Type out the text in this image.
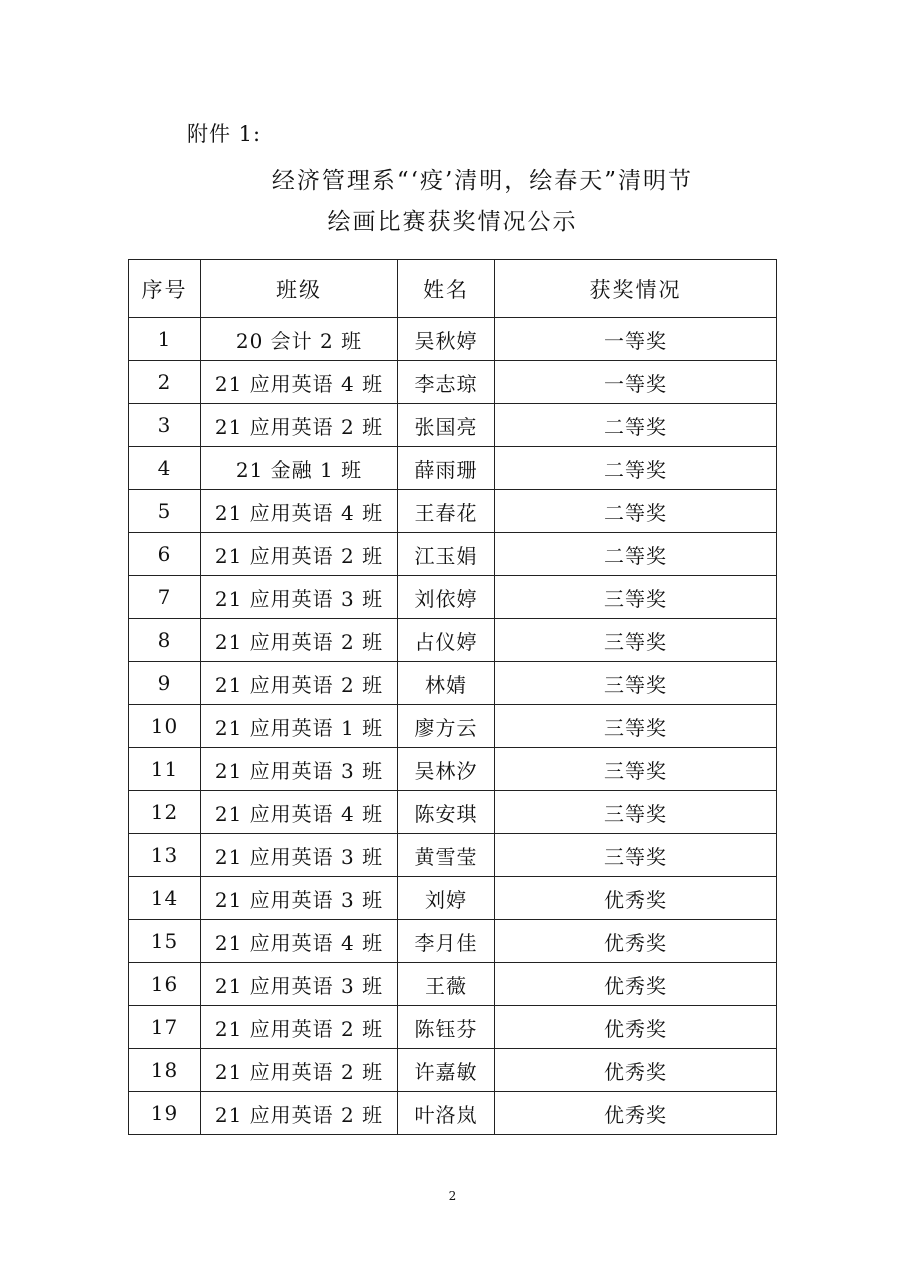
附件 1:
经济管理系“‘疫’清明，绘春天”清明节
绘画比赛获奖情况公示
序号	班级	姓名	获奖情况
1	20 会计 2 班	吴秋婷	一等奖
2	21 应用英语 4 班	李志琼	一等奖
3	21 应用英语 2 班	张国亮	二等奖
4	21 金融 1 班	薛雨珊	二等奖
5	21 应用英语 4 班	王春花	二等奖
6	21 应用英语 2 班	江玉娟	二等奖
7	21 应用英语 3 班	刘依婷	三等奖
8	21 应用英语 2 班	占仪婷	三等奖
9	21 应用英语 2 班	林婧	三等奖
10	21 应用英语 1 班	廖方云	三等奖
11	21 应用英语 3 班	吴林汐	三等奖
12	21 应用英语 4 班	陈安琪	三等奖
13	21 应用英语 3 班	黄雪莹	三等奖
14	21 应用英语 3 班	刘婷	优秀奖
15	21 应用英语 4 班	李月佳	优秀奖
16	21 应用英语 3 班	王薇	优秀奖
17	21 应用英语 2 班	陈钰芬	优秀奖
18	21 应用英语 2 班	许嘉敏	优秀奖
19	21 应用英语 2 班	叶洛岚	优秀奖
2
